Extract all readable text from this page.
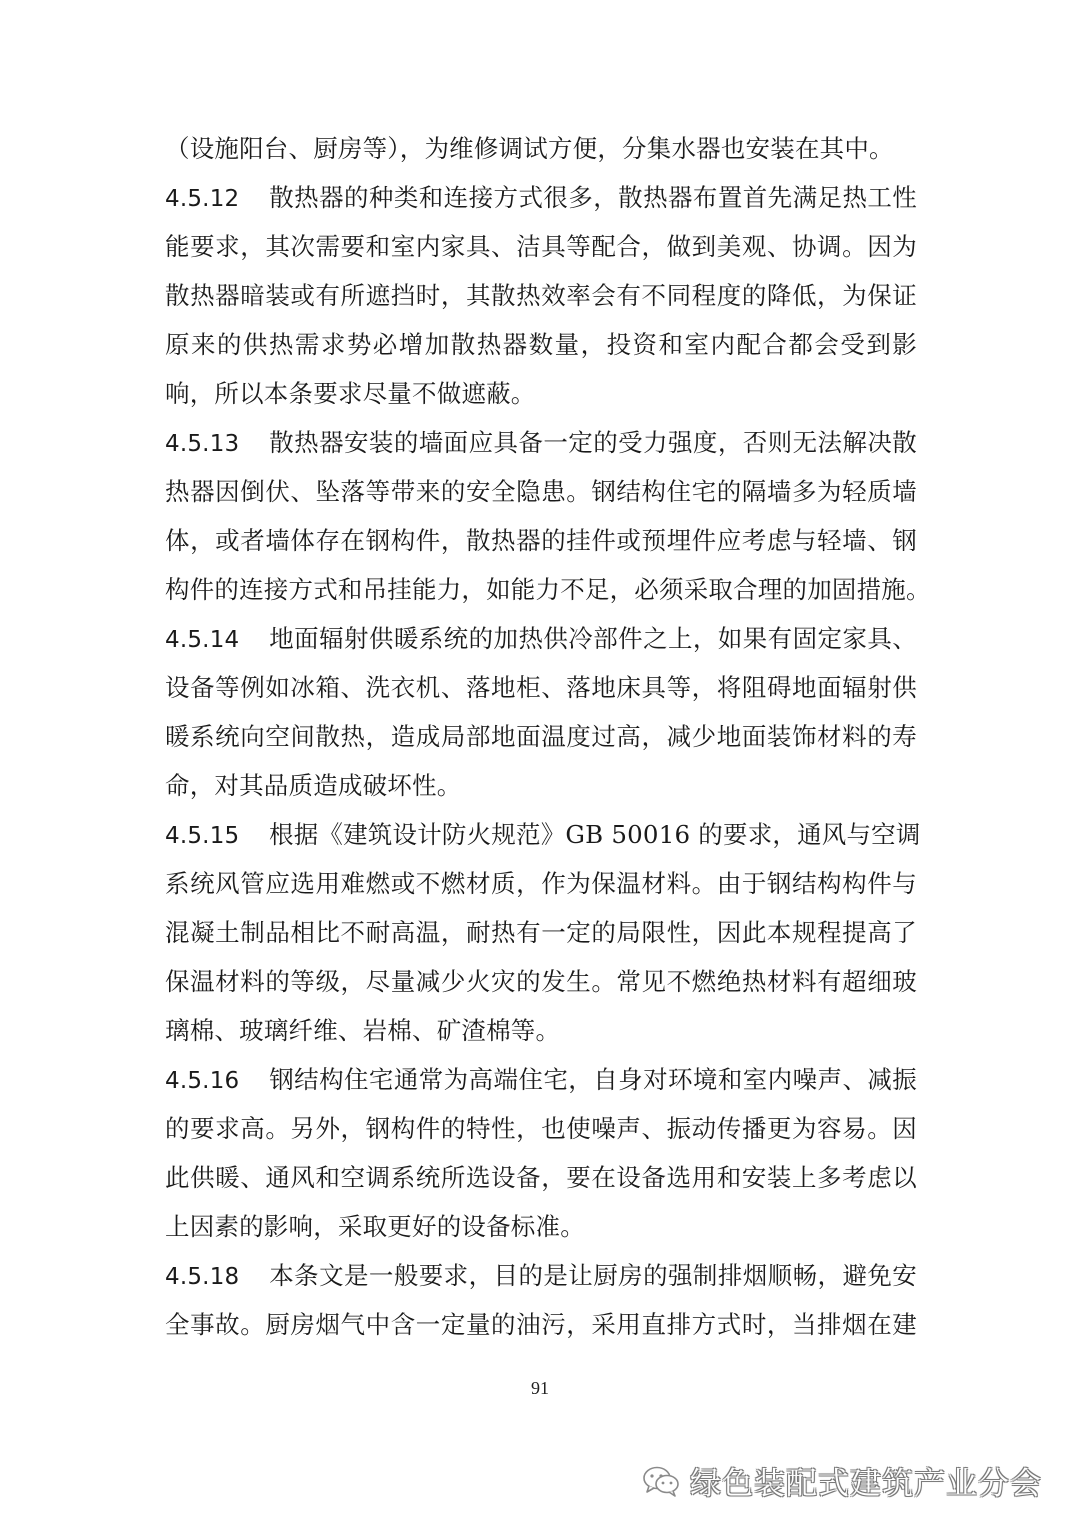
（设施阳台、厨房等），为维修调试方便，分集水器也安装在其中。
4.5.12 散热器的种类和连接方式很多，散热器布置首先满足热工性
能要求，其次需要和室内家具、洁具等配合，做到美观、协调。因为
散热器暗装或有所遮挡时，其散热效率会有不同程度的降低，为保证
原来的供热需求势必增加散热器数量，投资和室内配合都会受到影
响，所以本条要求尽量不做遮蔽。
4.5.13 散热器安装的墙面应具备一定的受力强度，否则无法解决散
热器因倒伏、坠落等带来的安全隐患。钢结构住宅的隔墙多为轻质墙
体，或者墙体存在钢构件，散热器的挂件或预埋件应考虑与轻墙、钢
构件的连接方式和吊挂能力，如能力不足，必须采取合理的加固措施。
4.5.14 地面辐射供暖系统的加热供冷部件之上，如果有固定家具、
设备等例如冰箱、洗衣机、落地柜、落地床具等，将阻碍地面辐射供
暖系统向空间散热，造成局部地面温度过高，减少地面装饰材料的寿
命，对其品质造成破坏性。
4.5.15 根据《建筑设计防火规范》GB 50016 的要求，通风与空调
系统风管应选用难燃或不燃材质，作为保温材料。由于钢结构构件与
混凝土制品相比不耐高温，耐热有一定的局限性，因此本规程提高了
保温材料的等级，尽量减少火灾的发生。常见不燃绝热材料有超细玻
璃棉、玻璃纤维、岩棉、矿渣棉等。
4.5.16 钢结构住宅通常为高端住宅，自身对环境和室内噪声、减振
的要求高。另外，钢构件的特性，也使噪声、振动传播更为容易。因
此供暖、通风和空调系统所选设备，要在设备选用和安装上多考虑以
上因素的影响，采取更好的设备标准。
4.5.18 本条文是一般要求，目的是让厨房的强制排烟顺畅，避免安
全事故。厨房烟气中含一定量的油污，采用直排方式时，当排烟在建
91
绿色装配式建筑产业分会
